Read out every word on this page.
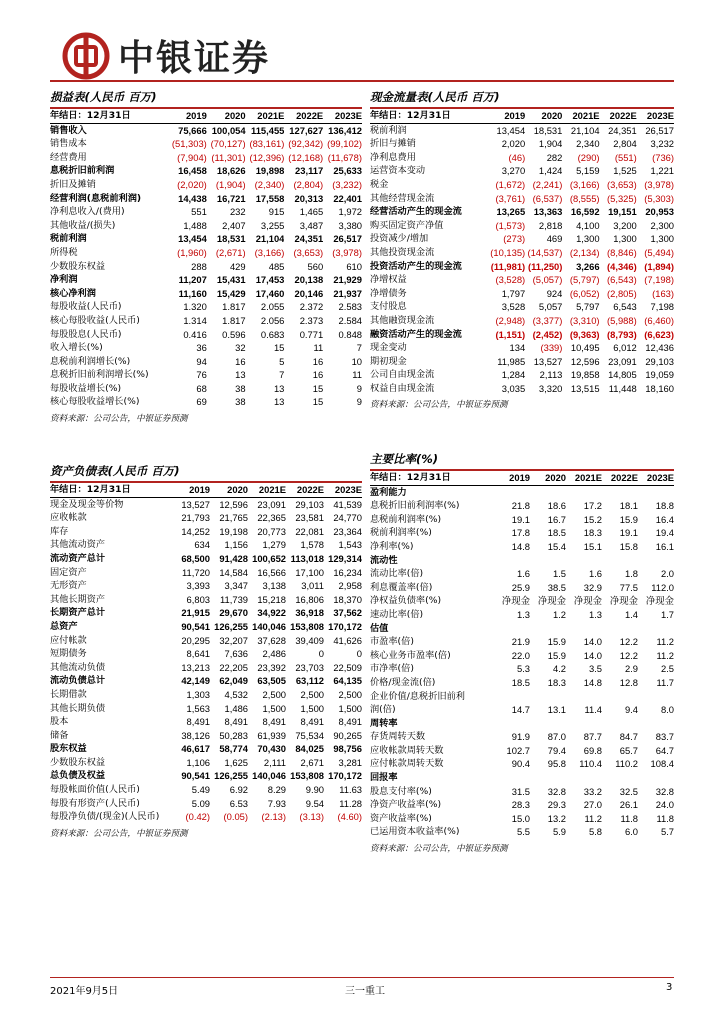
中银证券
损益表(人民币 百万)
年结日：12月31日	2019	2020	2021E	2022E	2023E
销售收入	75,666	100,054	115,455	127,627	136,412
销售成本	(51,303)	(70,127)	(83,161)	(92,342)	(99,102)
经营费用	(7,904)	(11,301)	(12,396)	(12,168)	(11,678)
息税折旧前利润	16,458	18,626	19,898	23,117	25,633
折旧及摊销	(2,020)	(1,904)	(2,340)	(2,804)	(3,232)
经营利润(息税前利润)	14,438	16,721	17,558	20,313	22,401
净利息收入/(费用)	551	232	915	1,465	1,972
其他收益/(损失)	1,488	2,407	3,255	3,487	3,380
税前利润	13,454	18,531	21,104	24,351	26,517
所得税	(1,960)	(2,671)	(3,166)	(3,653)	(3,978)
少数股东权益	288	429	485	560	610
净利润	11,207	15,431	17,453	20,138	21,929
核心净利润	11,160	15,429	17,460	20,146	21,937
每股收益(人民币)	1.320	1.817	2.055	2.372	2.583
核心每股收益(人民币)	1.314	1.817	2.056	2.373	2.584
每股股息(人民币)	0.416	0.596	0.683	0.771	0.848
收入增长(%)	36	32	15	11	7
息税前利润增长(%)	94	16	5	16	10
息税折旧前利润增长(%)	76	13	7	16	11
每股收益增长(%)	68	38	13	15	9
核心每股收益增长(%)	69	38	13	15	9
资料来源：公司公告，中银证券预测
资产负债表(人民币 百万)
年结日：12月31日	2019	2020	2021E	2022E	2023E
现金及现金等价物	13,527	12,596	23,091	29,103	41,539
应收帐款	21,793	21,765	22,365	23,581	24,770
库存	14,252	19,198	20,773	22,081	23,364
其他流动资产	634	1,156	1,279	1,578	1,543
流动资产总计	68,500	91,428	100,652	113,018	129,314
固定资产	11,720	14,584	16,566	17,100	16,234
无形资产	3,393	3,347	3,138	3,011	2,958
其他长期资产	6,803	11,739	15,218	16,806	18,370
长期资产总计	21,915	29,670	34,922	36,918	37,562
总资产	90,541	126,255	140,046	153,808	170,172
应付帐款	20,295	32,207	37,628	39,409	41,626
短期债务	8,641	7,636	2,486	0	0
其他流动负债	13,213	22,205	23,392	23,703	22,509
流动负债总计	42,149	62,049	63,505	63,112	64,135
长期借款	1,303	4,532	2,500	2,500	2,500
其他长期负债	1,563	1,486	1,500	1,500	1,500
股本	8,491	8,491	8,491	8,491	8,491
储备	38,126	50,283	61,939	75,534	90,265
股东权益	46,617	58,774	70,430	84,025	98,756
少数股东权益	1,106	1,625	2,111	2,671	3,281
总负债及权益	90,541	126,255	140,046	153,808	170,172
每股帐面价值(人民币)	5.49	6.92	8.29	9.90	11.63
每股有形资产(人民币)	5.09	6.53	7.93	9.54	11.28
每股净负债/(现金)(人民币)	(0.42)	(0.05)	(2.13)	(3.13)	(4.60)
资料来源：公司公告，中银证券预测
现金流量表(人民币 百万)
年结日：12月31日	2019	2020	2021E	2022E	2023E
税前利润	13,454	18,531	21,104	24,351	26,517
折旧与摊销	2,020	1,904	2,340	2,804	3,232
净利息费用	(46)	282	(290)	(551)	(736)
运营资本变动	3,270	1,424	5,159	1,525	1,221
税金	(1,672)	(2,241)	(3,166)	(3,653)	(3,978)
其他经营现金流	(3,761)	(6,537)	(8,555)	(5,325)	(5,303)
经营活动产生的现金流	13,265	13,363	16,592	19,151	20,953
购买固定资产净值	(1,573)	2,818	4,100	3,200	2,300
投资减少/增加	(273)	469	1,300	1,300	1,300
其他投资现金流	(10,135)	(14,537)	(2,134)	(8,846)	(5,494)
投资活动产生的现金流	(11,981)	(11,250)	3,266	(4,346)	(1,894)
净增权益	(3,528)	(5,057)	(5,797)	(6,543)	(7,198)
净增债务	1,797	924	(6,052)	(2,805)	(163)
支付股息	3,528	5,057	5,797	6,543	7,198
其他融资现金流	(2,948)	(3,377)	(3,310)	(5,988)	(6,460)
融资活动产生的现金流	(1,151)	(2,452)	(9,363)	(8,793)	(6,623)
现金变动	134	(339)	10,495	6,012	12,436
期初现金	11,985	13,527	12,596	23,091	29,103
公司自由现金流	1,284	2,113	19,858	14,805	19,059
权益自由现金流	3,035	3,320	13,515	11,448	18,160
资料来源：公司公告，中银证券预测
主要比率(%)
年结日：12月31日	2019	2020	2021E	2022E	2023E
盈利能力					
息税折旧前利润率(%)	21.8	18.6	17.2	18.1	18.8
息税前利润率(%)	19.1	16.7	15.2	15.9	16.4
税前利润率(%)	17.8	18.5	18.3	19.1	19.4
净利率(%)	14.8	15.4	15.1	15.8	16.1
流动性					
流动比率(倍)	1.6	1.5	1.6	1.8	2.0
利息覆盖率(倍)	25.9	38.5	32.9	77.5	112.0
净权益负债率(%)	净现金	净现金	净现金	净现金	净现金
速动比率(倍)	1.3	1.2	1.3	1.4	1.7
估值					
市盈率(倍)	21.9	15.9	14.0	12.2	11.2
核心业务市盈率(倍)	22.0	15.9	14.0	12.2	11.2
市净率(倍)	5.3	4.2	3.5	2.9	2.5
价格/现金流(倍)	18.5	18.3	14.8	12.8	11.7
企业价值/息税折旧前利					
润(倍)	14.7	13.1	11.4	9.4	8.0
周转率					
存货周转天数	91.9	87.0	87.7	84.7	83.7
应收帐款周转天数	102.7	79.4	69.8	65.7	64.7
应付帐款周转天数	90.4	95.8	110.4	110.2	108.4
回报率					
股息支付率(%)	31.5	32.8	33.2	32.5	32.8
净资产收益率(%)	28.3	29.3	27.0	26.1	24.0
资产收益率(%)	15.0	13.2	11.2	11.8	11.8
已运用资本收益率(%)	5.5	5.9	5.8	6.0	5.7
资料来源：公司公告，中银证券预测
2021年9月5日	三一重工	3
